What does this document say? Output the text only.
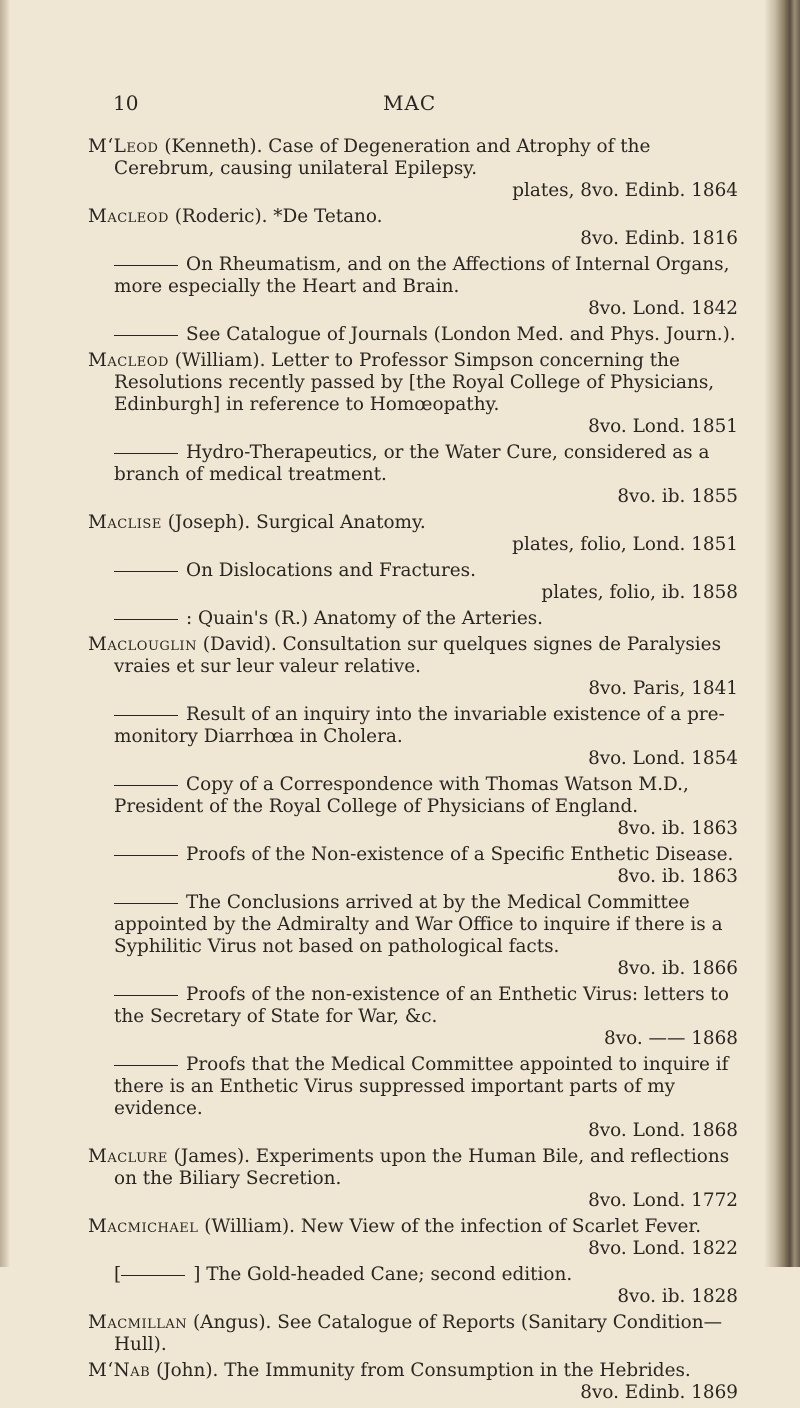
10	MAC
M‘Leod (Kenneth). Case of Degeneration and Atrophy of the Cerebrum, causing unilateral Epilepsy.
plates, 8vo. Edinb. 1864
Macleod (Roderic). *De Tetano.
8vo. Edinb. 1816
On Rheumatism, and on the Affections of Internal Organs, more especially the Heart and Brain.
8vo. Lond. 1842
See Catalogue of Journals (London Med. and Phys. Journ.).
Macleod (William). Letter to Professor Simpson concerning the Resolutions recently passed by [the Royal College of Physicians, Edinburgh] in reference to Homœopathy.
8vo. Lond. 1851
Hydro-Therapeutics, or the Water Cure, considered as a branch of medical treatment.
8vo. ib. 1855
Maclise (Joseph). Surgical Anatomy.
plates, folio, Lond. 1851
On Dislocations and Fractures.
plates, folio, ib. 1858
: Quain's (R.) Anatomy of the Arteries.
Maclouglin (David). Consultation sur quelques signes de Paralysies vraies et sur leur valeur relative.
8vo. Paris, 1841
Result of an inquiry into the invariable existence of a pre-monitory Diarrhœa in Cholera.
8vo. Lond. 1854
Copy of a Correspondence with Thomas Watson M.D., President of the Royal College of Physicians of England.
8vo. ib. 1863
Proofs of the Non-existence of a Specific Enthetic Disease.
8vo. ib. 1863
The Conclusions arrived at by the Medical Committee appointed by the Admiralty and War Office to inquire if there is a Syphilitic Virus not based on pathological facts.
8vo. ib. 1866
Proofs of the non-existence of an Enthetic Virus: letters to the Secretary of State for War, &c.
8vo. —— 1868
Proofs that the Medical Committee appointed to inquire if there is an Enthetic Virus suppressed important parts of my evidence.
8vo. Lond. 1868
Maclure (James). Experiments upon the Human Bile, and reflections on the Biliary Secretion.
8vo. Lond. 1772
Macmichael (William). New View of the infection of Scarlet Fever.
8vo. Lond. 1822
[	] The Gold-headed Cane; second edition.
8vo. ib. 1828
Macmillan (Angus). See Catalogue of Reports (Sanitary Condition—Hull).
M‘Nab (John). The Immunity from Consumption in the Hebrides.
8vo. Edinb. 1869
